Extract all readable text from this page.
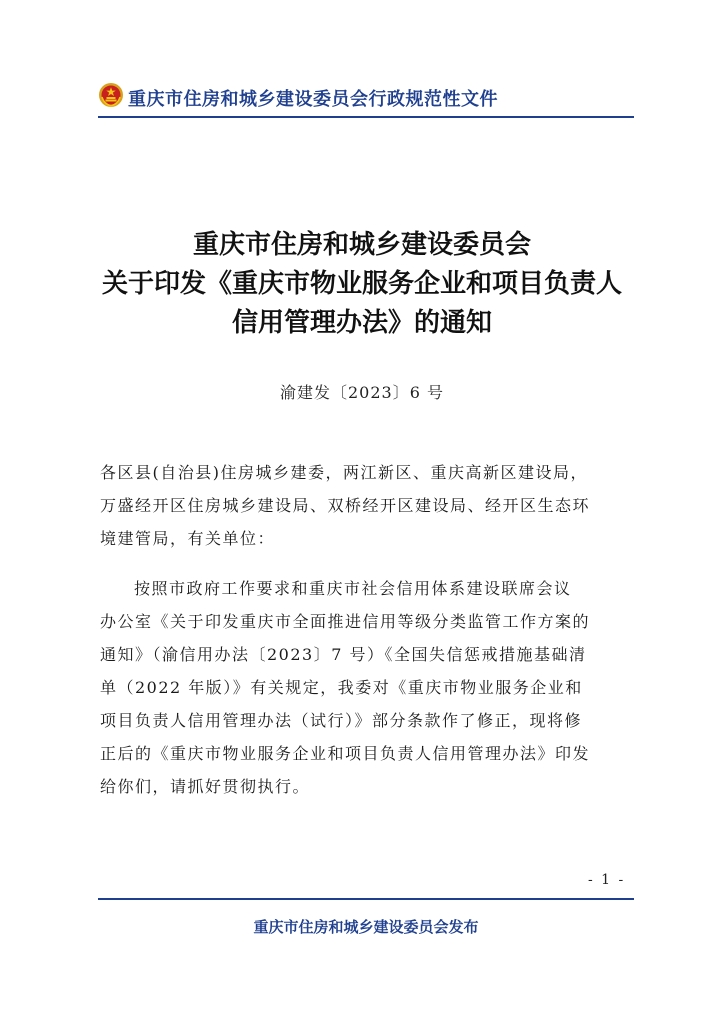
重庆市住房和城乡建设委员会行政规范性文件
重庆市住房和城乡建设委员会
关于印发《重庆市物业服务企业和项目负责人
信用管理办法》的通知
渝建发〔2023〕6 号
各区县(自治县)住房城乡建委，两江新区、重庆高新区建设局，
万盛经开区住房城乡建设局、双桥经开区建设局、经开区生态环
境建管局，有关单位：
按照市政府工作要求和重庆市社会信用体系建设联席会议
办公室《关于印发重庆市全面推进信用等级分类监管工作方案的
通知》（渝信用办法〔2023〕7 号）《全国失信惩戒措施基础清
单（2022 年版）》有关规定，我委对《重庆市物业服务企业和
项目负责人信用管理办法（试行）》部分条款作了修正，现将修
正后的《重庆市物业服务企业和项目负责人信用管理办法》印发
给你们，请抓好贯彻执行。
- 1 -
重庆市住房和城乡建设委员会发布
